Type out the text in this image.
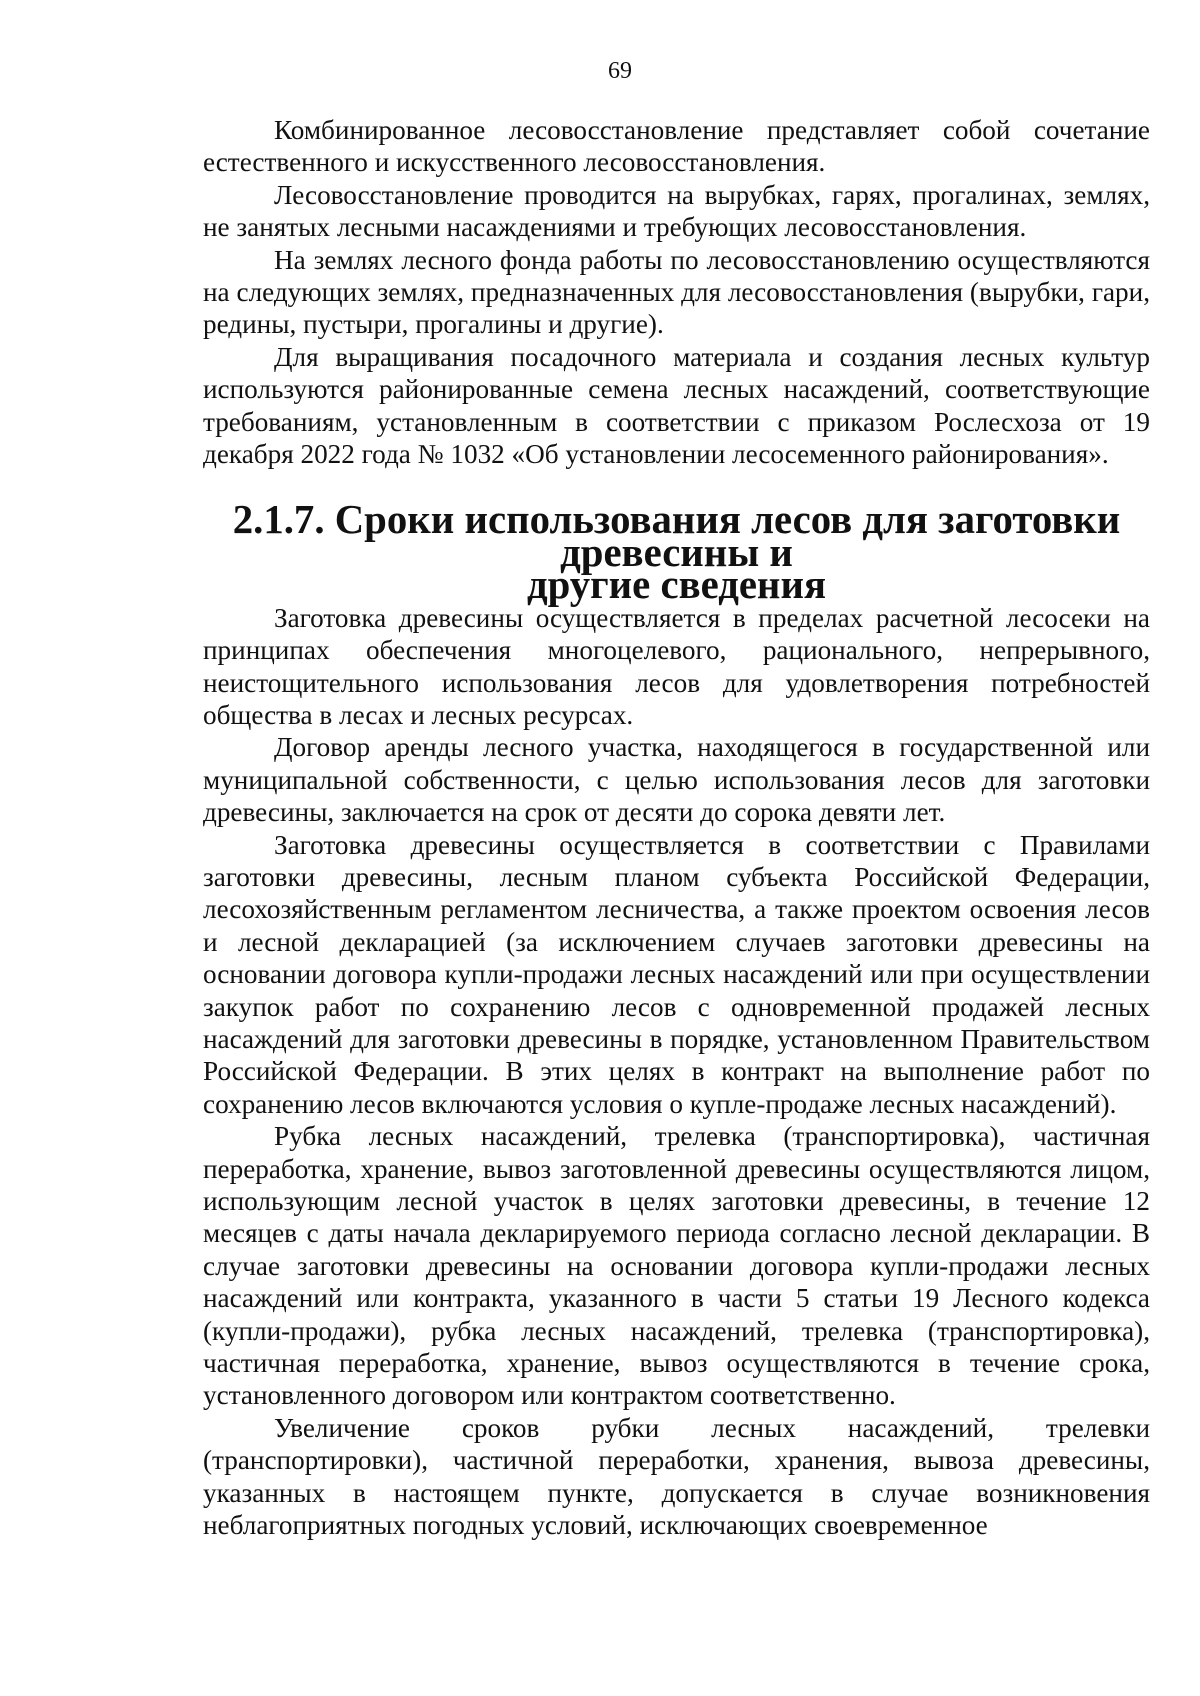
69

Комбинированное лесовосстановление представляет собой сочетание естественного и искусственного лесовосстановления.

Лесовосстановление проводится на вырубках, гарях, прогалинах, землях, не занятых лесными насаждениями и требующих лесовосстановления.

На землях лесного фонда работы по лесовосстановлению осуществляются на следующих землях, предназначенных для лесовосстановления (вырубки, гари, редины, пустыри, прогалины и другие).

Для выращивания посадочного материала и создания лесных культур используются районированные семена лесных насаждений, соответствующие требованиям, установленным в соответствии с приказом Рослесхоза от 19 декабря 2022 года № 1032 «Об установлении лесосеменного районирования».

2.1.7. Сроки использования лесов для заготовки древесины и
другие сведения

Заготовка древесины осуществляется в пределах расчетной лесосеки на принципах обеспечения многоцелевого, рационального, непрерывного, неистощительного использования лесов для удовлетворения потребностей общества в лесах и лесных ресурсах.

Договор аренды лесного участка, находящегося в государственной или муниципальной собственности, с целью использования лесов для заготовки древесины, заключается на срок от десяти до сорока девяти лет.

Заготовка древесины осуществляется в соответствии с Правилами заготовки древесины, лесным планом субъекта Российской Федерации, лесохозяйственным регламентом лесничества, а также проектом освоения лесов и лесной декларацией (за исключением случаев заготовки древесины на основании договора купли-продажи лесных насаждений или при осуществлении закупок работ по сохранению лесов с одновременной продажей лесных насаждений для заготовки древесины в порядке, установленном Правительством Российской Федерации. В этих целях в контракт на выполнение работ по сохранению лесов включаются условия о купле-продаже лесных насаждений).

Рубка лесных насаждений, трелевка (транспортировка), частичная переработка, хранение, вывоз заготовленной древесины осуществляются лицом, использующим лесной участок в целях заготовки древесины, в течение 12 месяцев с даты начала декларируемого периода согласно лесной декларации. В случае заготовки древесины на основании договора купли-продажи лесных насаждений или контракта, указанного в части 5 статьи 19 Лесного кодекса (купли-продажи), рубка лесных насаждений, трелевка (транспортировка), частичная переработка, хранение, вывоз осуществляются в течение срока, установленного договором или контрактом соответственно.

Увеличение сроков рубки лесных насаждений, трелевки (транспортировки), частичной переработки, хранения, вывоза древесины, указанных в настоящем пункте, допускается в случае возникновения неблагоприятных погодных условий, исключающих своевременное
